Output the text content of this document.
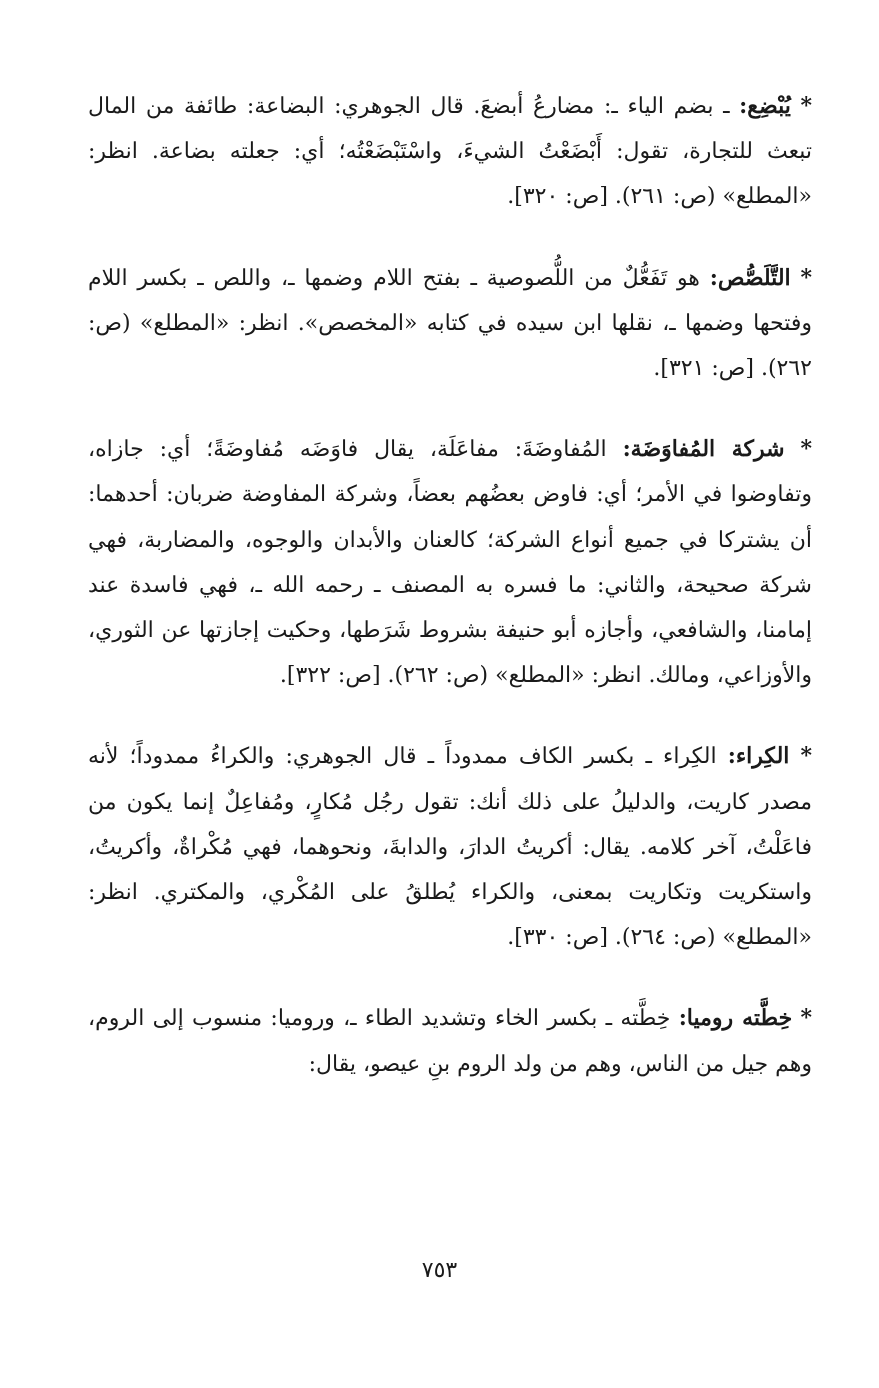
* يُبْضِع: ـ بضم الياء ـ: مضارعُ أبضعَ. قال الجوهري: البضاعة: طائفة من المال تبعث للتجارة، تقول: أَبْضَعْتُ الشيءَ، واسْتَبْضَعْتُه؛ أي: جعلته بضاعة. انظر: «المطلع» (ص: ٢٦١). [ص: ٣٢٠].

* التَّلَصُّص: هو تَفَعُّلٌ من اللُّصوصية ـ بفتح اللام وضمها ـ، واللص ـ بكسر اللام وفتحها وضمها ـ، نقلها ابن سيده في كتابه «المخصص». انظر: «المطلع» (ص: ٢٦٢). [ص: ٣٢١].

* شركة المُفاوَضَة: المُفاوضَةَ: مفاعَلَة، يقال فاوَضَه مُفاوضَةً؛ أي: جازاه، وتفاوضوا في الأمر؛ أي: فاوض بعضُهم بعضاً، وشركة المفاوضة ضربان: أحدهما: أن يشتركا في جميع أنواع الشركة؛ كالعنان والأبدان والوجوه، والمضاربة، فهي شركة صحيحة، والثاني: ما فسره به المصنف ـ رحمه الله ـ، فهي فاسدة عند إمامنا، والشافعي، وأجازه أبو حنيفة بشروط شَرَطها، وحكيت إجازتها عن الثوري، والأوزاعي، ومالك. انظر: «المطلع» (ص: ٢٦٢). [ص: ٣٢٢].

* الكِراء: الكِراء ـ بكسر الكاف ممدوداً ـ قال الجوهري: والكراءُ ممدوداً؛ لأنه مصدر كاريت، والدليلُ على ذلك أنك: تقول رجُل مُكارٍ، ومُفاعِلٌ إنما يكون من فاعَلْتُ، آخر كلامه. يقال: أكريتُ الدارَ، والدابةَ، ونحوهما، فهي مُكْراةٌ، وأكريتُ، واستكريت وتكاريت بمعنى، والكراء يُطلقُ على المُكْري، والمكتري. انظر: «المطلع» (ص: ٢٦٤). [ص: ٣٣٠].

* خِطَّته روميا: خِطَّته ـ بكسر الخاء وتشديد الطاء ـ، وروميا: منسوب إلى الروم، وهم جيل من الناس، وهم من ولد الروم بنِ عيصو، يقال:

٧٥٣
